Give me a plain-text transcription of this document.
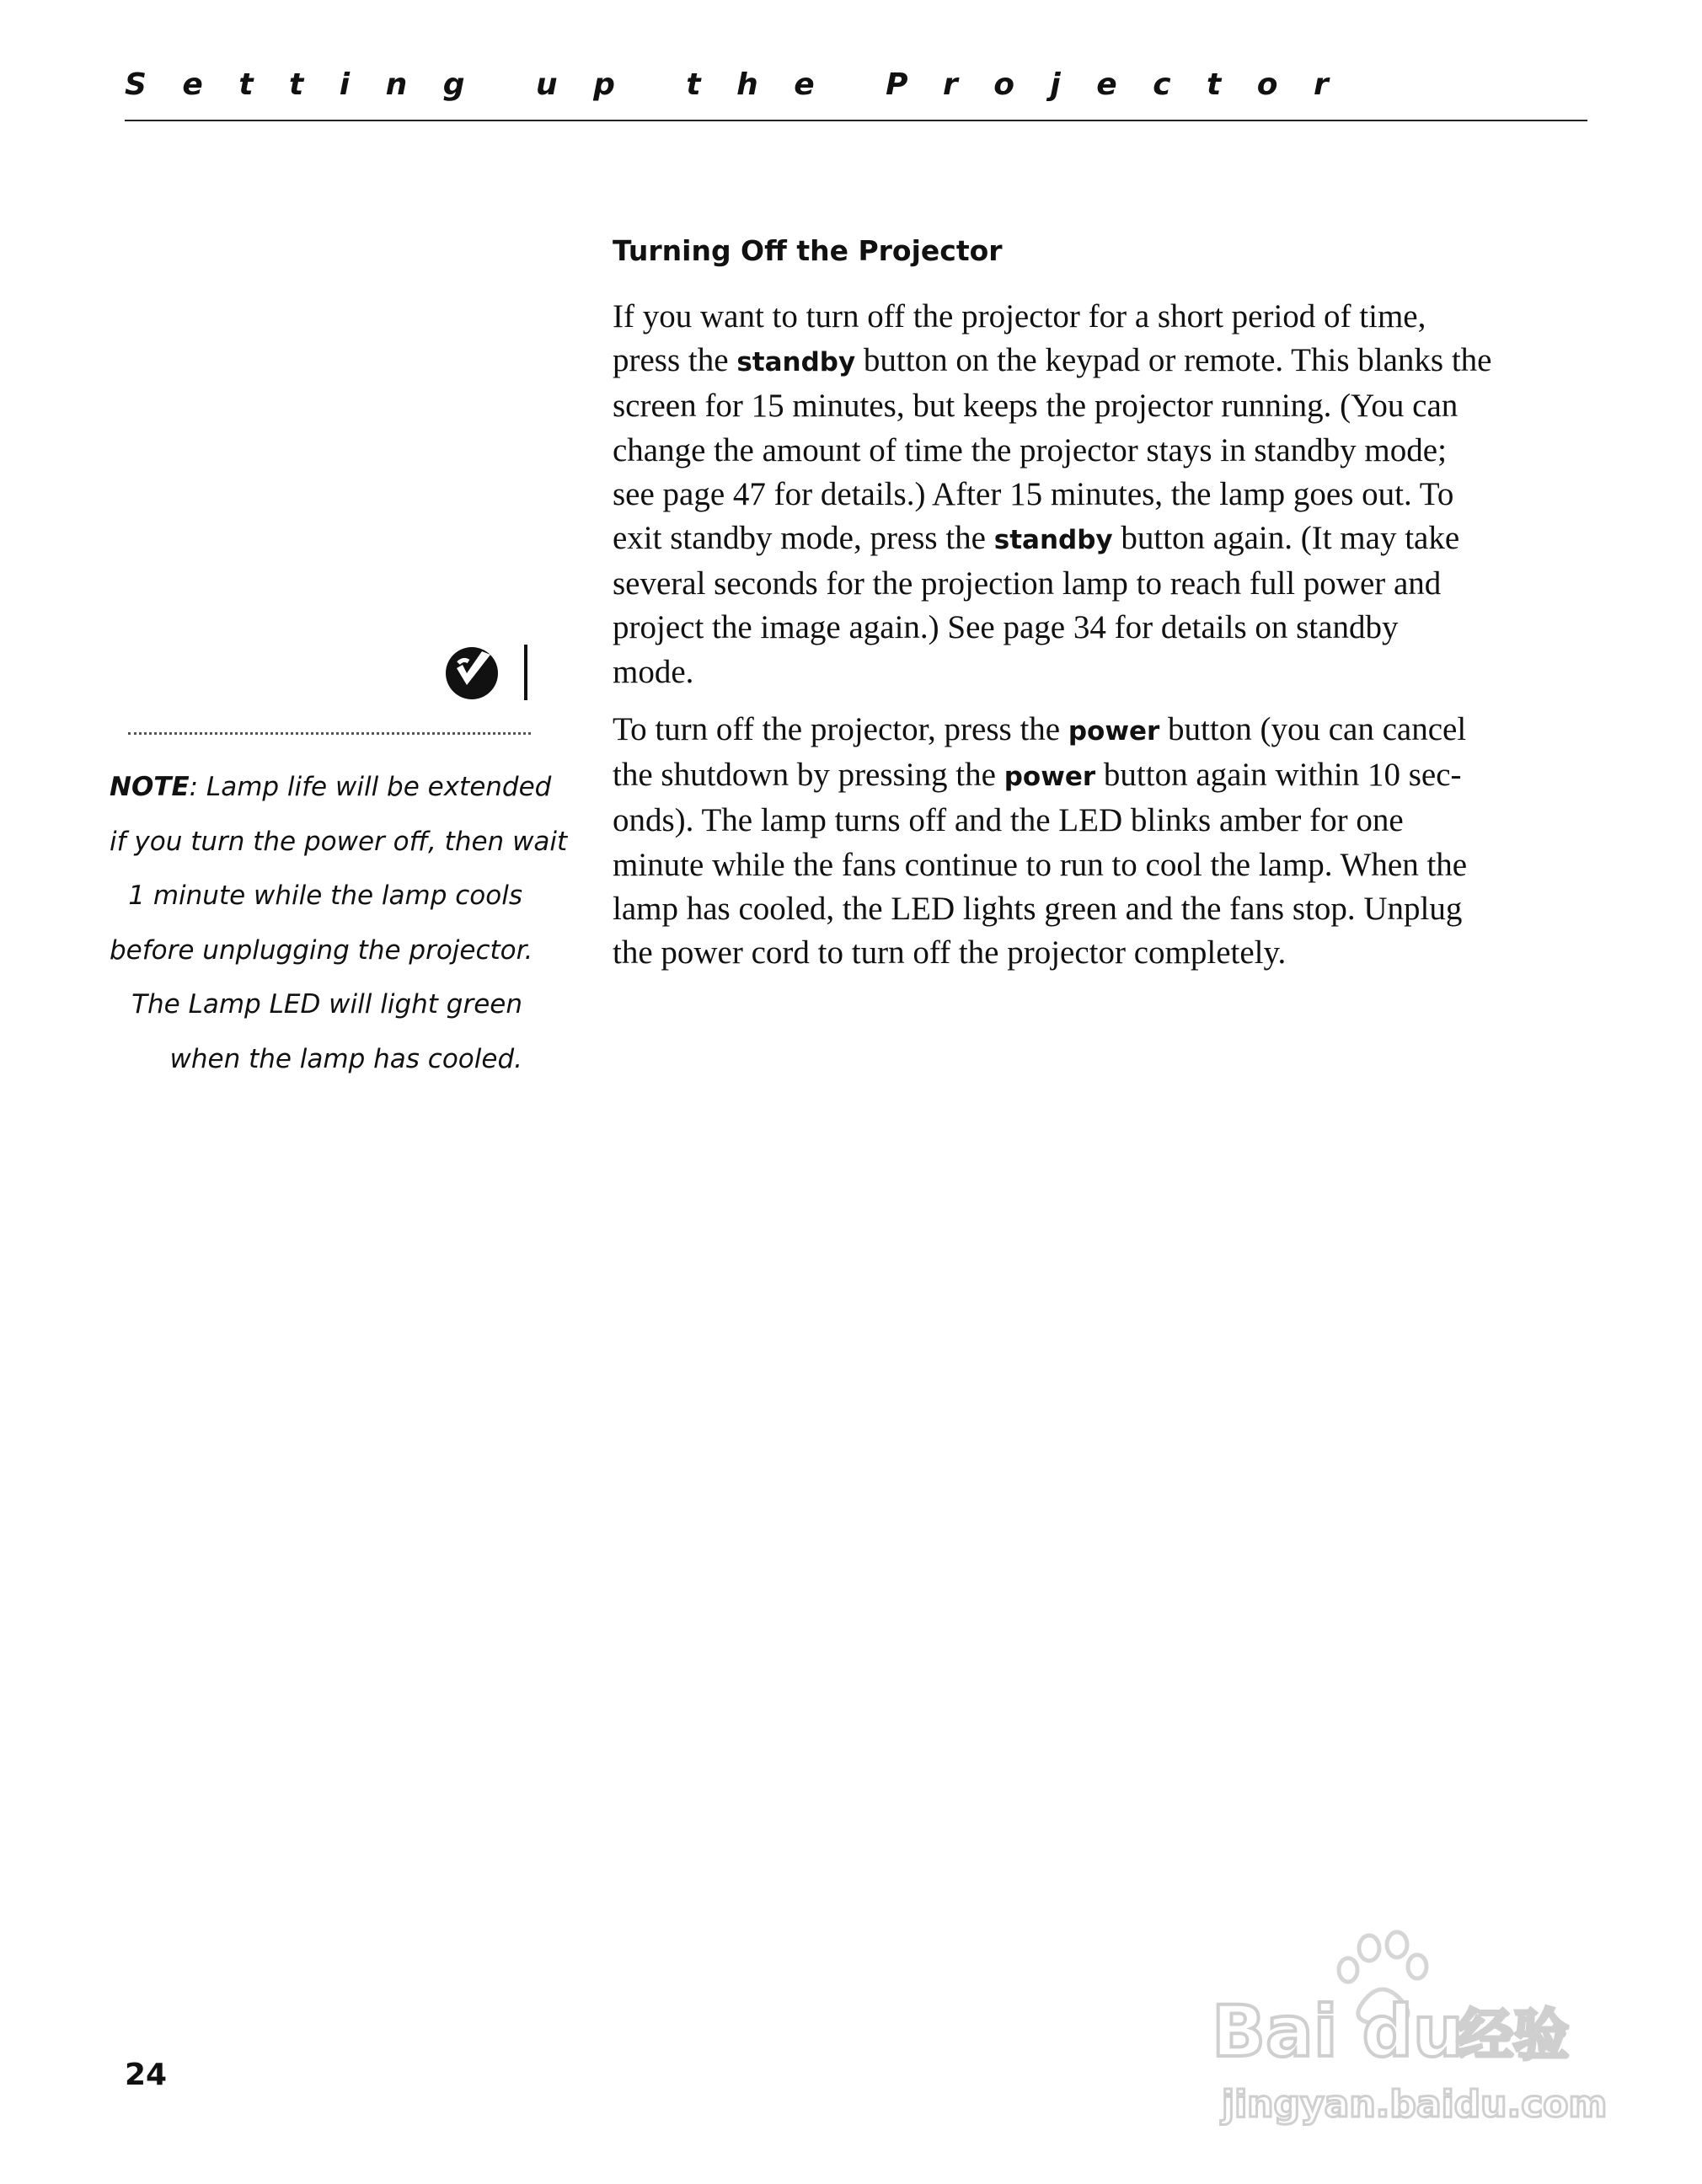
Setting up the Projector
Turning Off the Projector
If you want to turn off the projector for a short period of time,
press the standby button on the keypad or remote. This blanks the
screen for 15 minutes, but keeps the projector running. (You can
change the amount of time the projector stays in standby mode;
see page 47 for details.) After 15 minutes, the lamp goes out. To
exit standby mode, press the standby button again. (It may take
several seconds for the projection lamp to reach full power and
project the image again.) See page 34 for details on standby
mode.
To turn off the projector, press the power button (you can cancel
the shutdown by pressing the power button again within 10 sec-
onds). The lamp turns off and the LED blinks amber for one
minute while the fans continue to run to cool the lamp. When the
lamp has cooled, the LED lights green and the fans stop. Unplug
the power cord to turn off the projector completely.
NOTE: Lamp life will be extended
if you turn the power off, then wait
1 minute while the lamp cools
before unplugging the projector.
The Lamp LED will light green
when the lamp has cooled.
24
Bai du
经验
jingyan.baidu.com
